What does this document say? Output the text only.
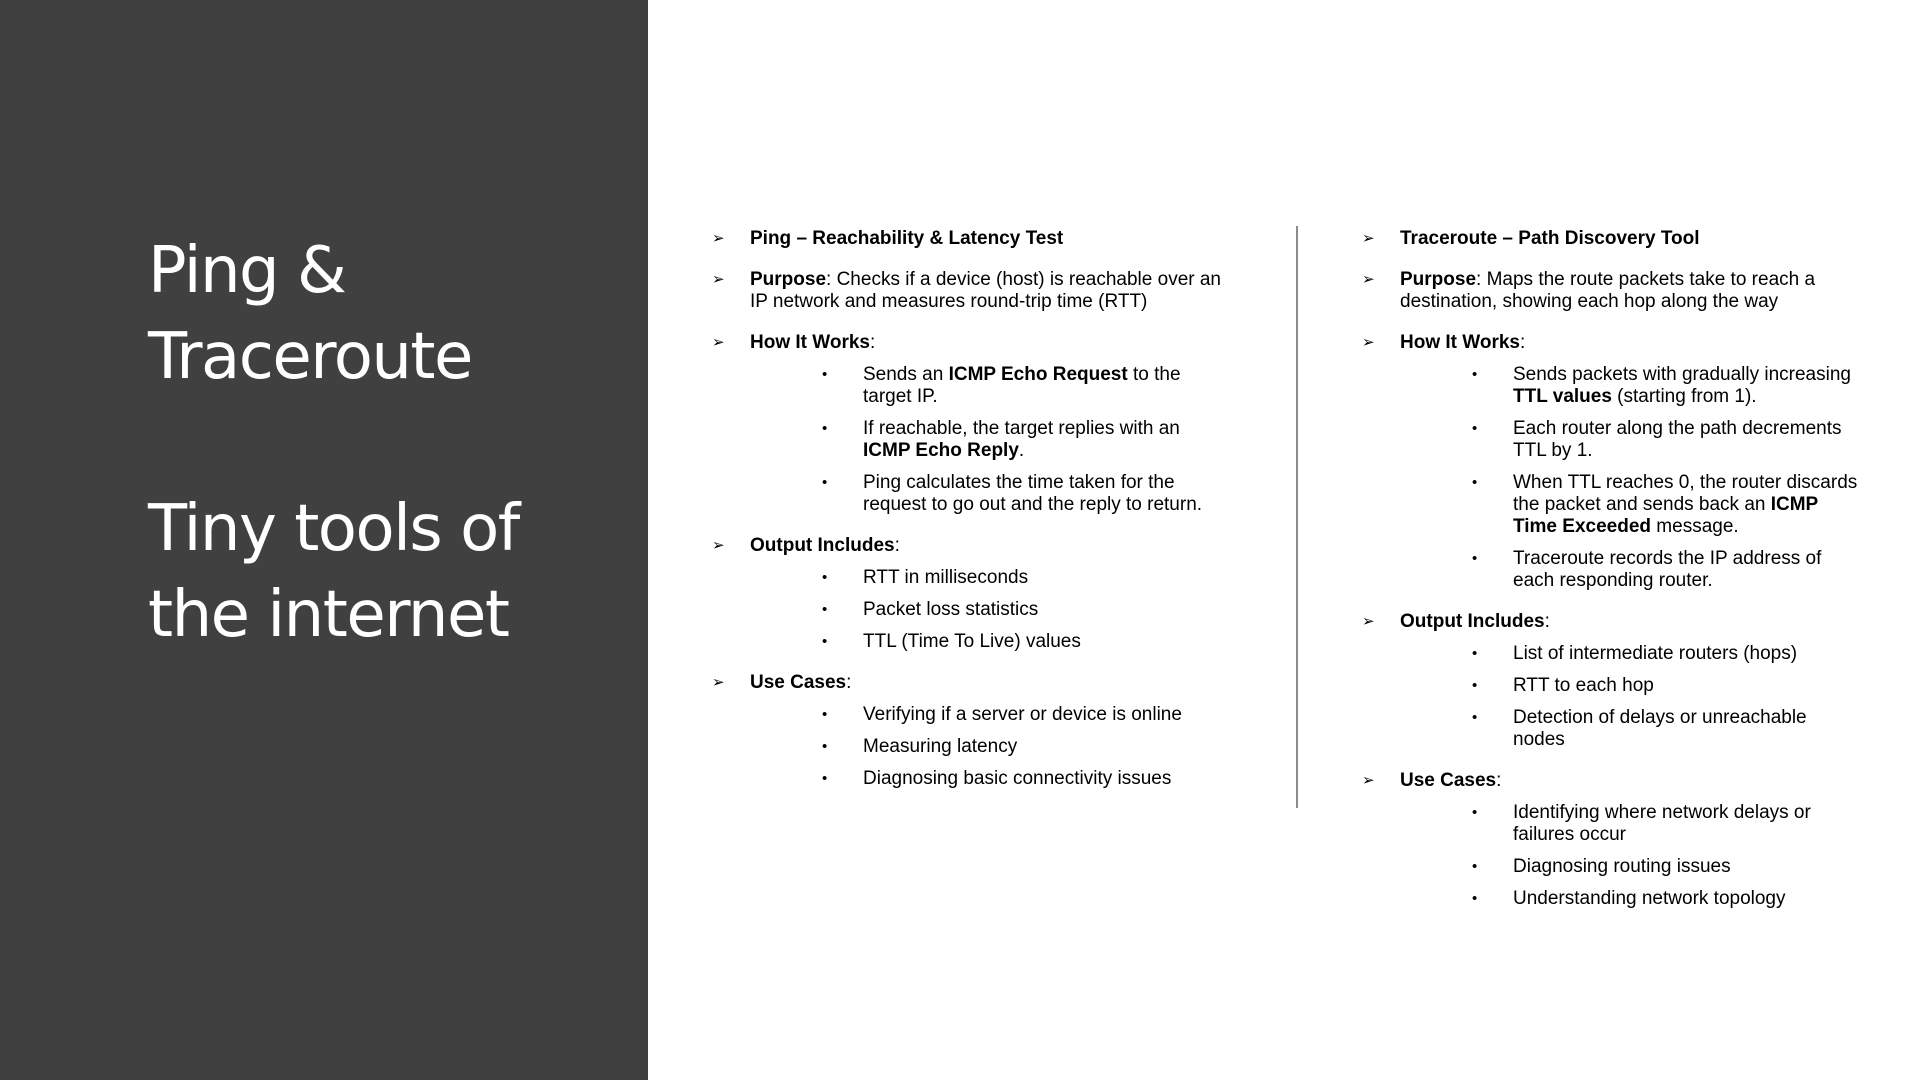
Ping &
Traceroute
Tiny tools of
the internet
➢ Ping – Reachability & Latency Test
➢ Purpose: Checks if a device (host) is reachable over an IP network and measures round-trip time (RTT)
➢ How It Works:
• Sends an ICMP Echo Request to the target IP.
• If reachable, the target replies with an ICMP Echo Reply.
• Ping calculates the time taken for the request to go out and the reply to return.
➢ Output Includes:
• RTT in milliseconds
• Packet loss statistics
• TTL (Time To Live) values
➢ Use Cases:
• Verifying if a server or device is online
• Measuring latency
• Diagnosing basic connectivity issues
➢ Traceroute – Path Discovery Tool
➢ Purpose: Maps the route packets take to reach a destination, showing each hop along the way
➢ How It Works:
• Sends packets with gradually increasing TTL values (starting from 1).
• Each router along the path decrements TTL by 1.
• When TTL reaches 0, the router discards the packet and sends back an ICMP Time Exceeded message.
• Traceroute records the IP address of each responding router.
➢ Output Includes:
• List of intermediate routers (hops)
• RTT to each hop
• Detection of delays or unreachable nodes
➢ Use Cases:
• Identifying where network delays or failures occur
• Diagnosing routing issues
• Understanding network topology
